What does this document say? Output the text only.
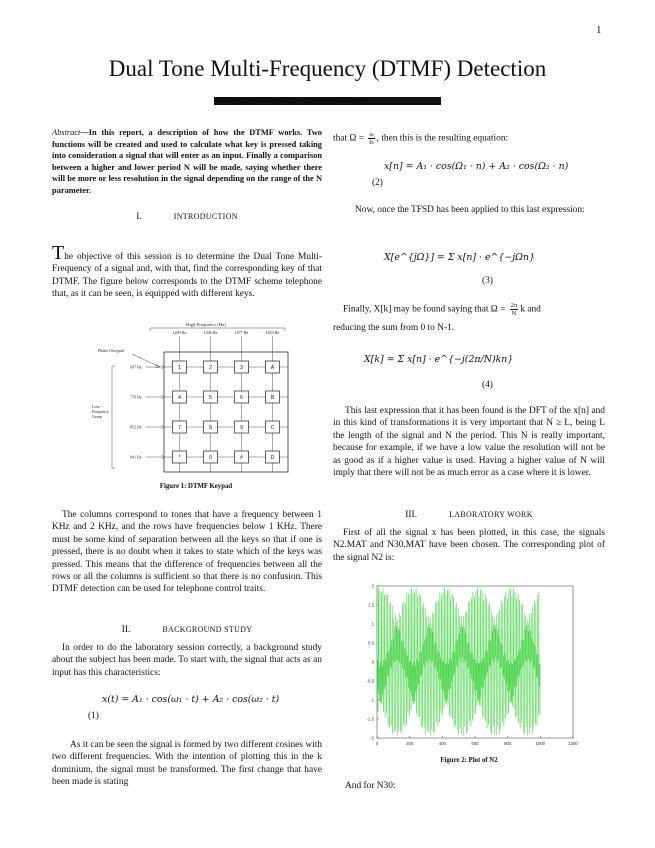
1
Dual Tone Multi-Frequency (DTMF) Detection
Author Name, Institution, City, Country, email address
Abstract—In this report, a description of how the DTMF works. Two functions will be created and used to calculate what key is pressed taking into consideration a signal that will enter as an input. Finally a comparison between a higher and lower period N will be made, saying whether there will be more or less resolution in the signal depending on the range of the N parameter.
I.	INTRODUCTION
The objective of this session is to determine the Dual Tone Multi-Frequency of a signal and, with that, find the corresponding key of that DTMF. The figure below corresponds to the DTMF scheme telephone that, as it can be seen, is equipped with different keys.
High-Frequency (Hz)
Phone's Keypad
Low-
Frequency
Group
1209 Hz	1336 Hz	1477 Hz	1633 Hz
697 Hz
770 Hz
852 Hz
941 Hz
1	2	3	A
4	5	6	B
7	8	9	C
*	0	#	D
Figure 1: DTMF Keypad
The columns correspond to tones that have a frequency between 1 KHz and 2 KHz, and the rows have frequencies below 1 KHz. There must be some kind of separation between all the keys so that if one is pressed, there is no doubt when it takes to state which of the keys was pressed. This means that the difference of frequencies between all the rows or all the columns is sufficient so that there is no confusion. This DTMF detection can be used for telephone control traits.
II.	BACKGROUND STUDY
In order to do the laboratory session correctly, a background study about the subject has been made. To start with, the signal that acts as an input has this characteristics:
x(t) = A₁ · cos(ω₁ · t) + A₂ · cos(ω₂ · t)
(1)
As it can be seen the signal is formed by two different cosines with two different frequencies. With the intention of plotting this in the k dominium, the signal must be transformed. The first change that have been made is stating
that $\Omega = \frac{\omega}{fs}$ , then this is the resulting equation:
x[n] = A₁ · cos(Ω₁ · n) + A₂ · cos(Ω₂ · n)
(2)
Now, once the TFSD has been applied to this last expression:
X[e^{jΩ}] = Σ x[n] · e^{−jΩn}
(3)
Finally, X[k] may be found saying that $\Omega = \frac{2\pi}{N}$ k and
reducing the sum from 0 to N-1.
X[k] = Σ x[n] · e^{−j(2π/N)kn}
(4)
This last expression that it has been found is the DFT of the x[n] and in this kind of transformations it is very important that N ≥ L, being L the length of the signal and N the period. This N is really important, because for example, if we have a low value the resolution will not be as good as if a higher value is used. Having a higher value of N will imply that there will not be as much error as a case where it is lower.
III.	LABORATORY WORK
First of all the signal x has been plotted, in this case, the signals N2.MAT and N30.MAT have been chosen. The corresponding plot of the signal N2 is:
0	200	400	600	800	1000	1200
2
1.5
1
0.5
0
-0.5
-1
-1.5
-2
Figure 2: Plot of N2
And for N30:
